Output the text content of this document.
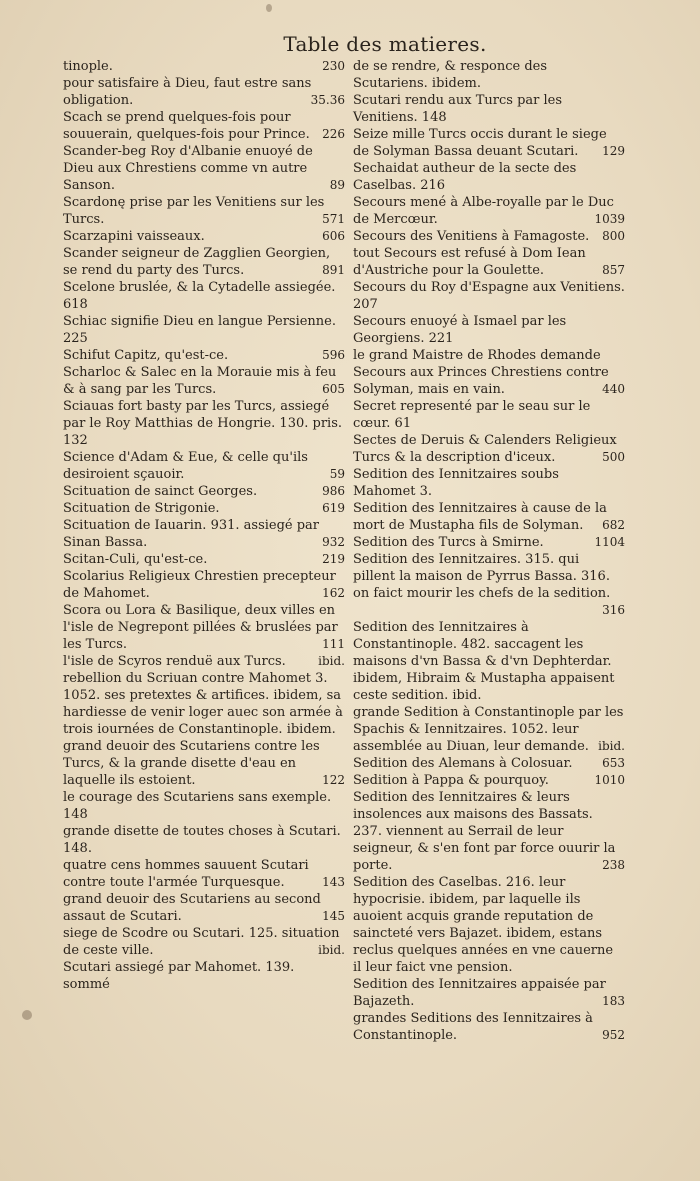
Table des matieres.
tinople.	230
pour satisfaire à Dieu, faut estre sans obligation.	35.36
Scach se prend quelques-fois pour souuerain, quelques-fois pour Prince.	226
Scander-beg Roy d'Albanie enuoyé de Dieu aux Chrestiens comme vn autre Sanson.	89
Scardonę prise par les Venitiens sur les Turcs.	571
Scarzapini vaisseaux.	606
Scander seigneur de Zagglien Georgien, se rend du party des Turcs.	891
Scelone bruslée, & la Cytadelle assiegée. 618
Schiac signifie Dieu en langue Persienne. 225
Schifut Capitz, qu'est-ce.	596
Scharloc & Salec en la Morauie mis à feu & à sang par les Turcs.	605
Sciauas fort basty par les Turcs, assiegé par le Roy Matthias de Hongrie. 130. pris. 132
Science d'Adam & Eue, & celle qu'ils desiroient sçauoir.	59
Scituation de sainct Georges.	986
Scituation de Strigonie.	619
Scituation de Iauarin. 931. assiegé par Sinan Bassa.	932
Scitan-Culi, qu'est-ce.	219
Scolarius Religieux Chrestien precepteur de Mahomet.	162
Scora ou Lora & Basilique, deux villes en l'isle de Negrepont pillées & bruslées par les Turcs.	111
l'isle de Scyros renduë aux Turcs.	ibid.
rebellion du Scriuan contre Mahomet 3. 1052. ses pretextes & artifices. ibidem, sa hardiesse de venir loger auec son armée à trois iournées de Constantinople. ibidem.
grand deuoir des Scutariens contre les Turcs, & la grande disette d'eau en laquelle ils estoient.	122
le courage des Scutariens sans exemple. 148
grande disette de toutes choses à Scutari. 148.
quatre cens hommes sauuent Scutari contre toute l'armée Turquesque.	143
grand deuoir des Scutariens au second assaut de Scutari.	145
siege de Scodre ou Scutari. 125. situation de ceste ville.	ibid.
Scutari assiegé par Mahomet. 139. sommé
de se rendre, & responce des Scutariens. ibidem.
Scutari rendu aux Turcs par les Venitiens. 148
Seize mille Turcs occis durant le siege de Solyman Bassa deuant Scutari.	129
Sechaidat autheur de la secte des Caselbas. 216
Secours mené à Albe-royalle par le Duc de Mercœur.	1039
Secours des Venitiens à Famagoste.	800
tout Secours est refusé à Dom Iean d'Austriche pour la Goulette.	857
Secours du Roy d'Espagne aux Venitiens. 207
Secours enuoyé à Ismael par les Georgiens. 221
le grand Maistre de Rhodes demande Secours aux Princes Chrestiens contre Solyman, mais en vain.	440
Secret representé par le seau sur le cœur. 61
Sectes de Deruis & Calenders Religieux Turcs & la description d'iceux.	500
Sedition des Iennitzaires soubs Mahomet 3.
Sedition des Iennitzaires à cause de la mort de Mustapha fils de Solyman.	682
Sedition des Turcs à Smirne.	1104
Sedition des Iennitzaires. 315. qui pillent la maison de Pyrrus Bassa. 316. on faict mourir les chefs de la sedition.
316
Sedition des Iennitzaires à Constantinople. 482. saccagent les maisons d'vn Bassa & d'vn Dephterdar. ibidem, Hibraim & Mustapha appaisent ceste sedition. ibid.
grande Sedition à Constantinople par les Spachis & Iennitzaires. 1052. leur assemblée au Diuan, leur demande. ibid.
Sedition des Alemans à Colosuar.	653
Sedition à Pappa & pourquoy.	1010
Sedition des Iennitzaires & leurs insolences aux maisons des Bassats. 237. viennent au Serrail de leur seigneur, & s'en font par force ouurir la porte.	238
Sedition des Caselbas. 216. leur hypocrisie. ibidem, par laquelle ils auoient acquis grande reputation de saincteté vers Bajazet. ibidem, estans reclus quelques années en vne cauerne il leur faict vne pension.
Sedition des Iennitzaires appaisée par Bajazeth.	183
grandes Seditions des Iennitzaires à Constantinople.	952
